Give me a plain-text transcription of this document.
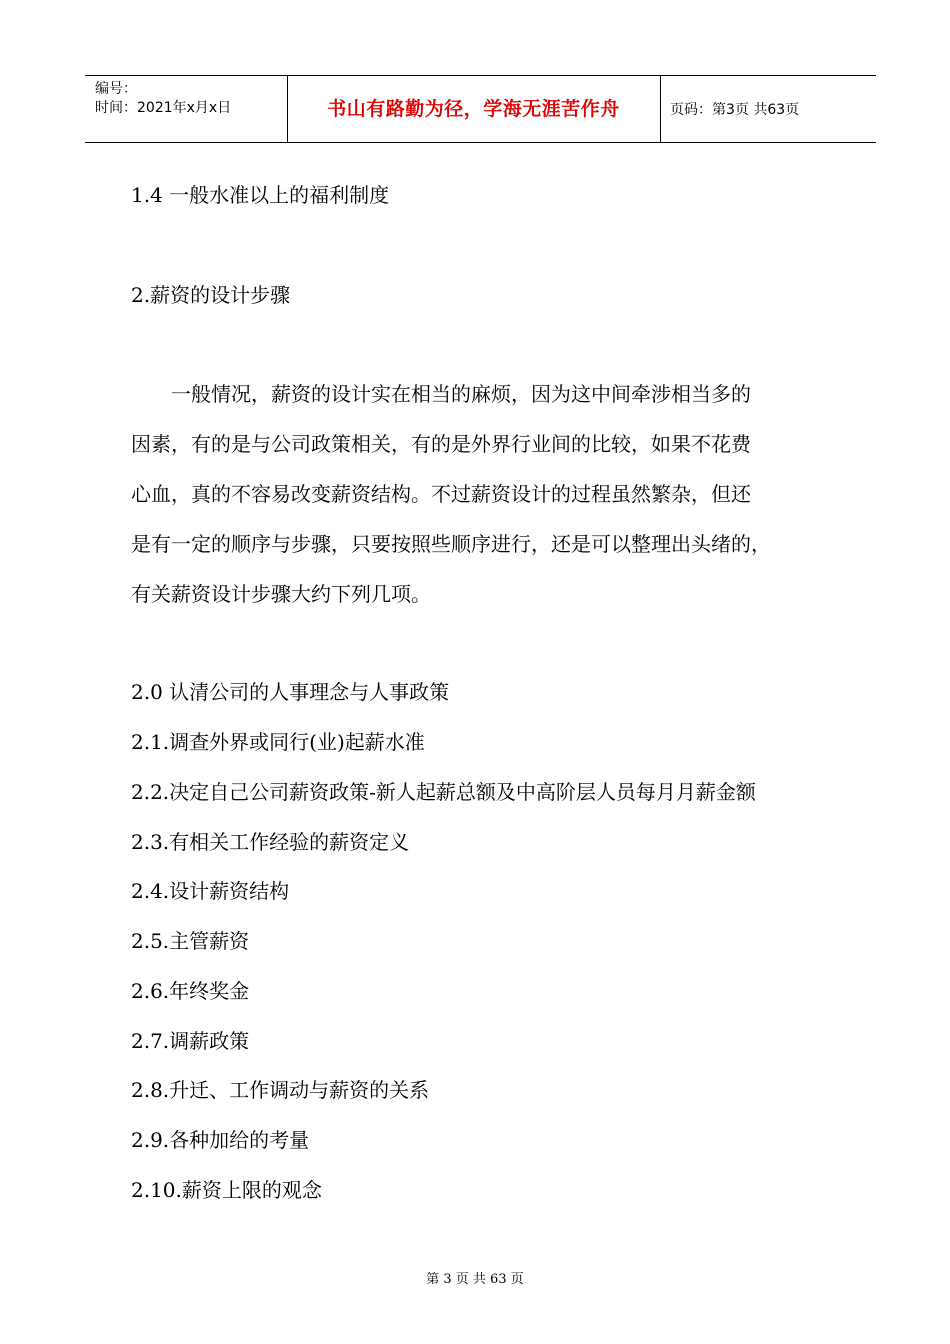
编号：
时间：2021年x月x日	书山有路勤为径，学海无涯苦作舟	页码：第3页 共63页
1.4 一般水准以上的福利制度
2.薪资的设计步骤
　　一般情况，薪资的设计实在相当的麻烦，因为这中间牵涉相当多的
因素，有的是与公司政策相关，有的是外界行业间的比较，如果不花费
心血，真的不容易改变薪资结构。不过薪资设计的过程虽然繁杂，但还
是有一定的顺序与步骤，只要按照些顺序进行，还是可以整理出头绪的，
有关薪资设计步骤大约下列几项。
2.0 认清公司的人事理念与人事政策
2.1.调查外界或同行(业)起薪水准
2.2.决定自己公司薪资政策-新人起薪总额及中高阶层人员每月月薪金额
2.3.有相关工作经验的薪资定义
2.4.设计薪资结构
2.5.主管薪资
2.6.年终奖金
2.7.调薪政策
2.8.升迁、工作调动与薪资的关系
2.9.各种加给的考量
2.10.薪资上限的观念
第 3 页 共 63 页
